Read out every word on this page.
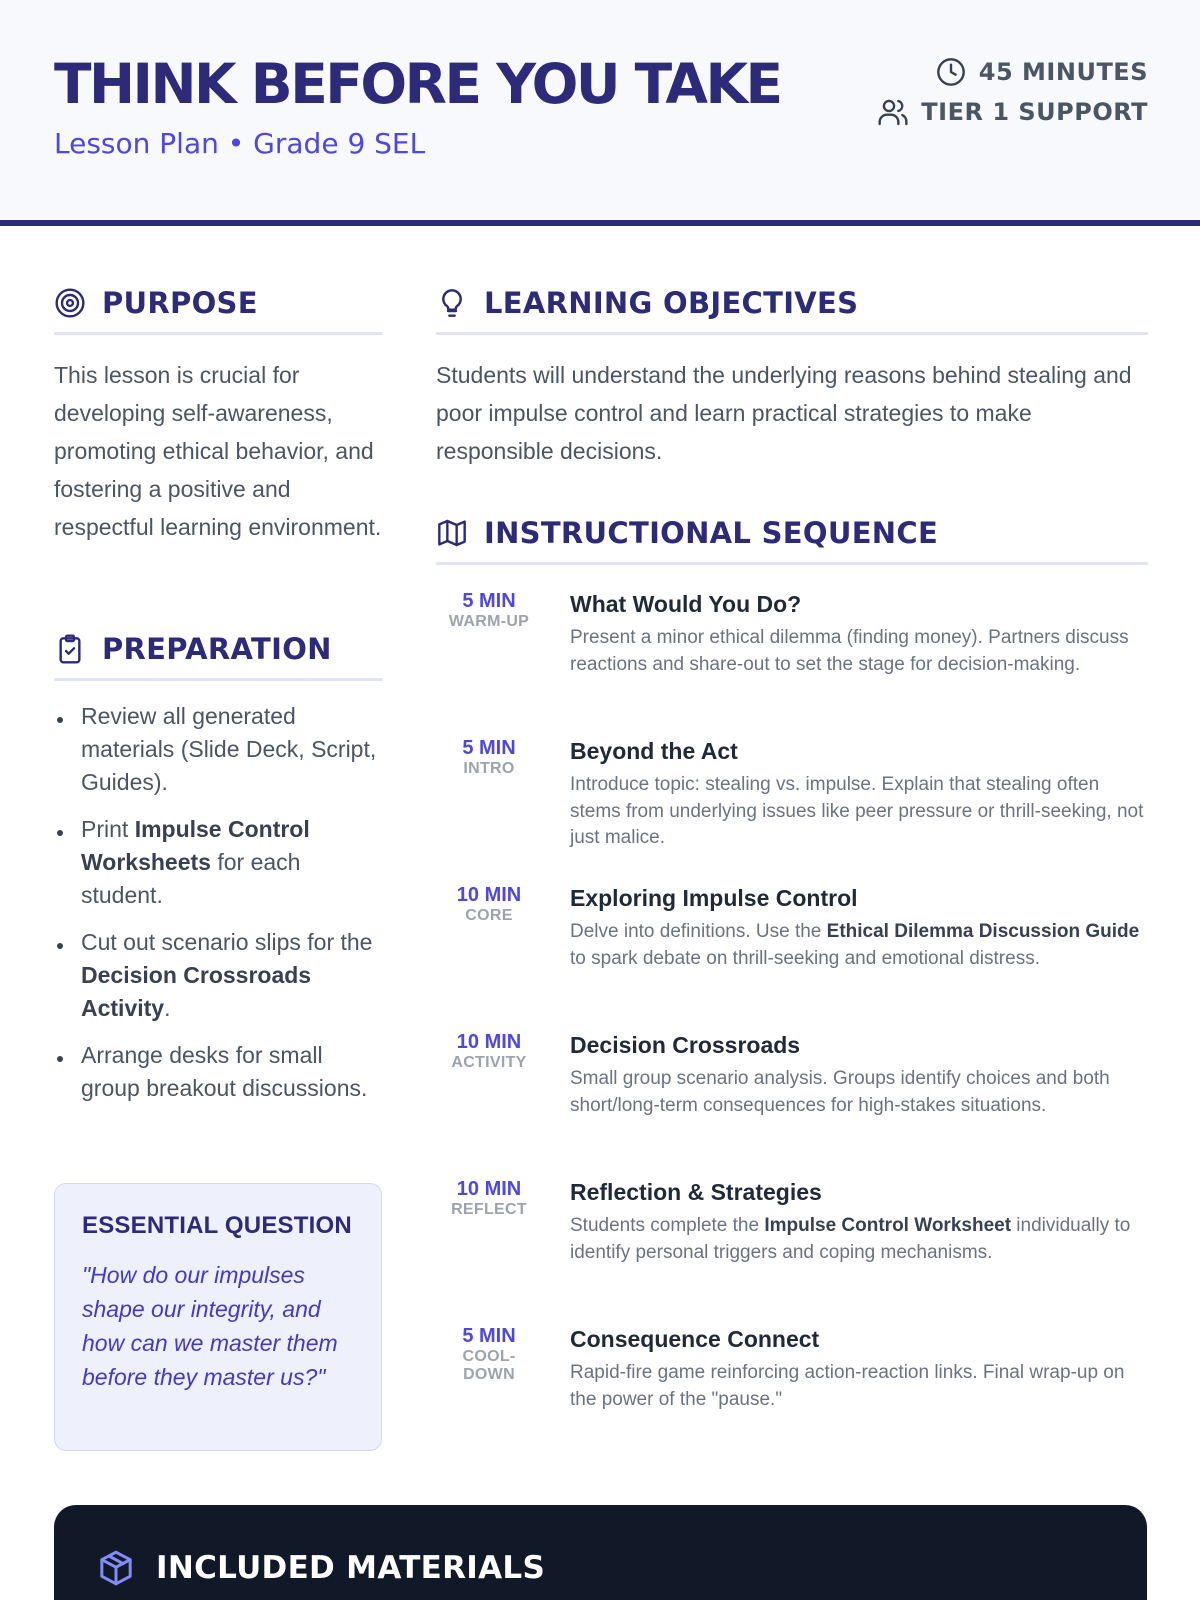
THINK BEFORE YOU TAKE
Lesson Plan • Grade 9 SEL
45 MINUTES
TIER 1 SUPPORT
PURPOSE
This lesson is crucial for developing self-awareness, promoting ethical behavior, and fostering a positive and respectful learning environment.
PREPARATION
Review all generated materials (Slide Deck, Script, Guides).
Print Impulse Control Worksheets for each student.
Cut out scenario slips for the Decision Crossroads Activity.
Arrange desks for small group breakout discussions.
ESSENTIAL QUESTION
"How do our impulses shape our integrity, and how can we master them before they master us?"
LEARNING OBJECTIVES
Students will understand the underlying reasons behind stealing and poor impulse control and learn practical strategies to make responsible decisions.
INSTRUCTIONAL SEQUENCE
5 MIN
WARM-UP
What Would You Do?
Present a minor ethical dilemma (finding money). Partners discuss reactions and share-out to set the stage for decision-making.
5 MIN
INTRO
Beyond the Act
Introduce topic: stealing vs. impulse. Explain that stealing often stems from underlying issues like peer pressure or thrill-seeking, not just malice.
10 MIN
CORE
Exploring Impulse Control
Delve into definitions. Use the Ethical Dilemma Discussion Guide to spark debate on thrill-seeking and emotional distress.
10 MIN
ACTIVITY
Decision Crossroads
Small group scenario analysis. Groups identify choices and both short/long-term consequences for high-stakes situations.
10 MIN
REFLECT
Reflection & Strategies
Students complete the Impulse Control Worksheet individually to identify personal triggers and coping mechanisms.
5 MIN
COOL-DOWN
Consequence Connect
Rapid-fire game reinforcing action-reaction links. Final wrap-up on the power of the "pause."
INCLUDED MATERIALS
